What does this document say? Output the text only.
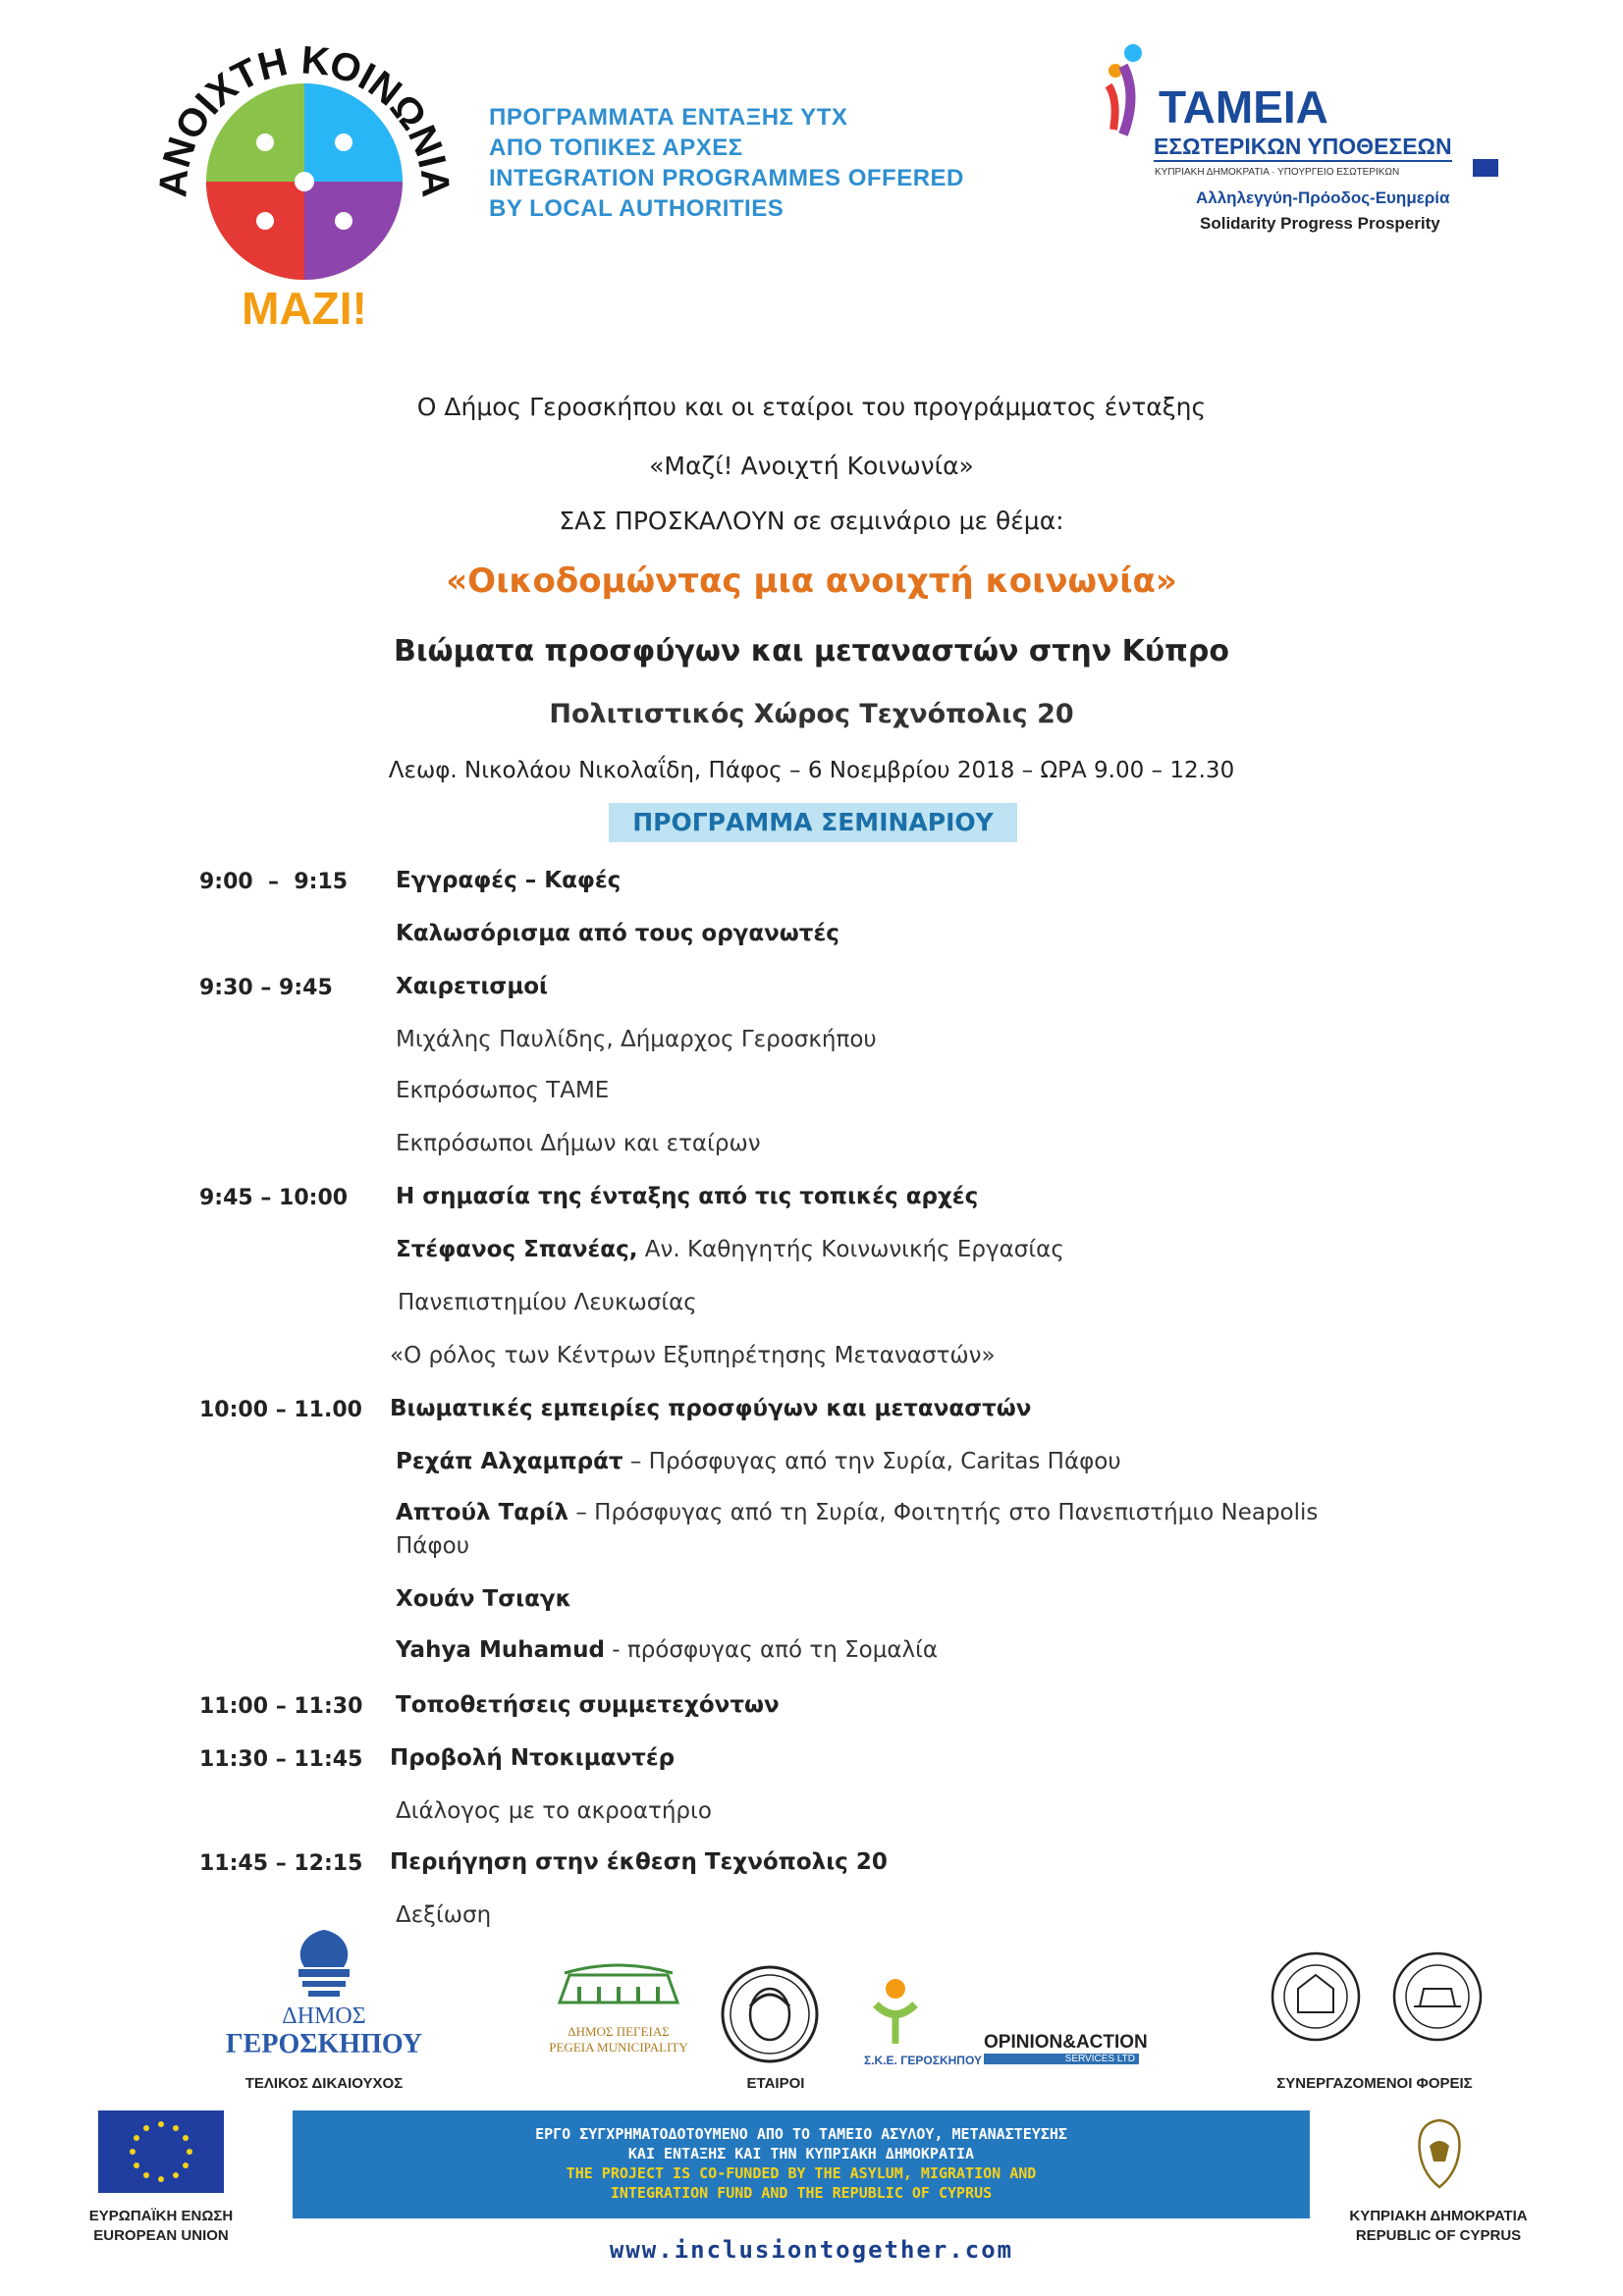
ΑΝΟΙΧΤΗ ΚΟΙΝΩΝΙΑ
ΜΑΖΙ!
ΠΡΟΓΡΑΜΜΑΤΑ ΕΝΤΑΞΗΣ ΥΤΧ
ΑΠΟ ΤΟΠΙΚΕΣ ΑΡΧΕΣ
INTEGRATION PROGRAMMES OFFERED
BY LOCAL AUTHORITIES
ΤΑΜΕΙΑ
ΕΣΩΤΕΡΙΚΩΝ ΥΠΟΘΕΣΕΩΝ
ΚΥΠΡΙΑΚΗ ΔΗΜΟΚΡΑΤΙΑ · ΥΠΟΥΡΓΕΙΟ ΕΣΩΤΕΡΙΚΩΝ
Αλληλεγγύη-Πρόοδος-Ευημερία
Solidarity Progress Prosperity
Ο Δήμος Γεροσκήπου και οι εταίροι του προγράμματος ένταξης
«Μαζί! Ανοιχτή Κοινωνία»
ΣΑΣ ΠΡΟΣΚΑΛΟΥΝ σε σεμινάριο με θέμα:
«Οικοδομώντας μια ανοιχτή κοινωνία»
Βιώματα προσφύγων και μεταναστών στην Κύπρο
Πολιτιστικός Χώρος Τεχνόπολις 20
Λεωφ. Νικολάου Νικολαΐδη, Πάφος – 6 Νοεμβρίου 2018 – ΩΡΑ 9.00 – 12.30
ΠΡΟΓΡΑΜΜΑ ΣΕΜΙΝΑΡΙΟΥ
9:00  –  9:15 Εγγραφές – Καφές
Καλωσόρισμα από τους οργανωτές
9:30 – 9:45	Χαιρετισμοί
Μιχάλης Παυλίδης, Δήμαρχος Γεροσκήπου
Εκπρόσωπος ΤΑΜΕ
Εκπρόσωποι Δήμων και εταίρων
9:45 – 10:00 Η σημασία της ένταξης από τις τοπικές αρχές
Στέφανος Σπανέας, Αν. Καθηγητής Κοινωνικής Εργασίας
Πανεπιστημίου Λευκωσίας
«Ο ρόλος των Κέντρων Εξυπηρέτησης Μεταναστών»
10:00 – 11.00 Βιωματικές εμπειρίες προσφύγων και μεταναστών
Ρεχάπ Αλχαμπράτ – Πρόσφυγας από την Συρία, Caritas Πάφου
Απτούλ Ταρίλ – Πρόσφυγας από τη Συρία, Φοιτητής στο Πανεπιστήμιο Neapolis
Πάφου
Χουάν Τσιαγκ
Yahya Muhamud - πρόσφυγας από τη Σομαλία
11:00 – 11:30 Τοποθετήσεις συμμετεχόντων
11:30 – 11:45 Προβολή Ντοκιμαντέρ
Διάλογος με το ακροατήριο
11:45 – 12:15 Περιήγηση στην έκθεση Τεχνόπολις 20
Δεξίωση
ΔΗΜΟΣ
ΓΕΡΟΣΚΗΠΟΥ
ΤΕΛΙΚΟΣ ΔΙΚΑΙΟΥΧΟΣ
ΔΗΜΟΣ ΠΕΓΕΙΑΣ
PEGEIA MUNICIPALITY
ΕΤΑΙΡΟΙ
Σ.Κ.Ε. ΓΕΡΟΣΚΗΠΟΥ
OPINION&ACTION
SERVICES LTD
ΣΥΝΕΡΓΑΖΟΜΕΝΟΙ ΦΟΡΕΙΣ
ΕΥΡΩΠΑΪΚΗ ΕΝΩΣΗ
EUROPEAN UNION
ΕΡΓΟ ΣΥΓΧΡΗΜΑΤΟΔΟΤΟΥΜΕΝΟ ΑΠΟ ΤΟ ΤΑΜΕΙΟ ΑΣΥΛΟΥ, ΜΕΤΑΝΑΣΤΕΥΣΗΣ
ΚΑΙ ΕΝΤΑΞΗΣ ΚΑΙ ΤΗΝ ΚΥΠΡΙΑΚΗ ΔΗΜΟΚΡΑΤΙΑ
THE PROJECT IS CO-FUNDED BY THE ASYLUM, MIGRATION AND
INTEGRATION FUND AND THE REPUBLIC OF CYPRUS
ΚΥΠΡΙΑΚΗ ΔΗΜΟΚΡΑΤΙΑ
REPUBLIC OF CYPRUS
www.inclusiontogether.com
